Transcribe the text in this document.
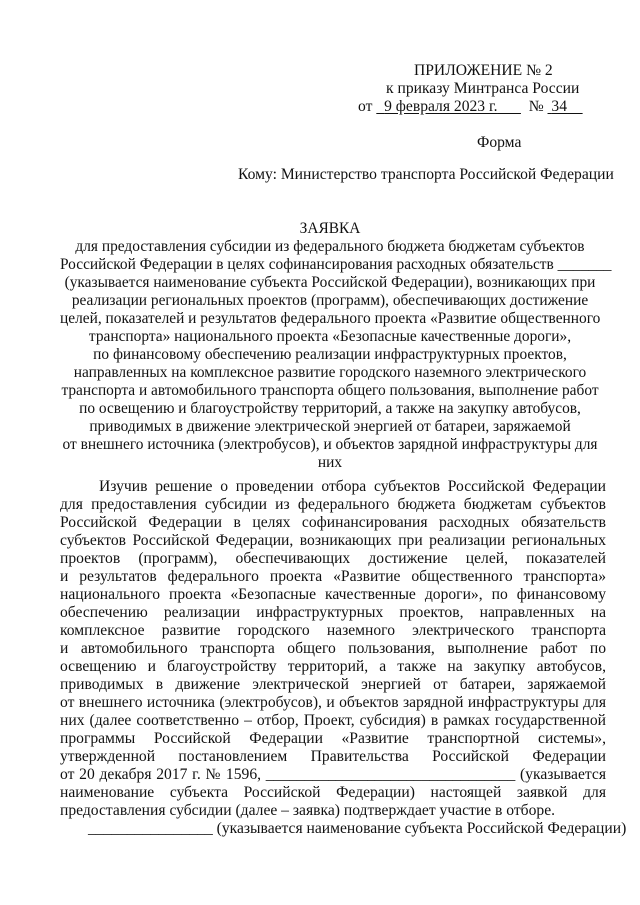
ПРИЛОЖЕНИЕ № 2
к приказу Минтранса России
от 9 февраля 2023 г. № 34
Форма
Кому: Министерство транспорта Российской Федерации
ЗАЯВКА
для предоставления субсидии из федерального бюджета бюджетам субъектов
Российской Федерации в целях софинансирования расходных обязательств _______
(указывается наименование субъекта Российской Федерации), возникающих при
реализации региональных проектов (программ), обеспечивающих достижение
целей, показателей и результатов федерального проекта «Развитие общественного
транспорта» национального проекта «Безопасные качественные дороги»,
по финансовому обеспечению реализации инфраструктурных проектов,
направленных на комплексное развитие городского наземного электрического
транспорта и автомобильного транспорта общего пользования, выполнение работ
по освещению и благоустройству территорий, а также на закупку автобусов,
приводимых в движение электрической энергией от батареи, заряжаемой
от внешнего источника (электробусов), и объектов зарядной инфраструктуры для
них
Изучив решение о проведении отбора субъектов Российской Федерации
для предоставления субсидии из федерального бюджета бюджетам субъектов
Российской Федерации в целях софинансирования расходных обязательств
субъектов Российской Федерации, возникающих при реализации региональных
проектов (программ), обеспечивающих достижение целей, показателей
и результатов федерального проекта «Развитие общественного транспорта»
национального проекта «Безопасные качественные дороги», по финансовому
обеспечению реализации инфраструктурных проектов, направленных на
комплексное развитие городского наземного электрического транспорта
и автомобильного транспорта общего пользования, выполнение работ по
освещению и благоустройству территорий, а также на закупку автобусов,
приводимых в движение электрической энергией от батареи, заряжаемой
от внешнего источника (электробусов), и объектов зарядной инфраструктуры для
них (далее соответственно – отбор, Проект, субсидия) в рамках государственной
программы Российской Федерации «Развитие транспортной системы»,
утвержденной постановлением Правительства Российской Федерации
от 20 декабря 2017 г. № 1596, ________________________________ (указывается
наименование субъекта Российской Федерации) настоящей заявкой для
предоставления субсидии (далее – заявка) подтверждает участие в отборе.
________________ (указывается наименование субъекта Российской Федерации)
